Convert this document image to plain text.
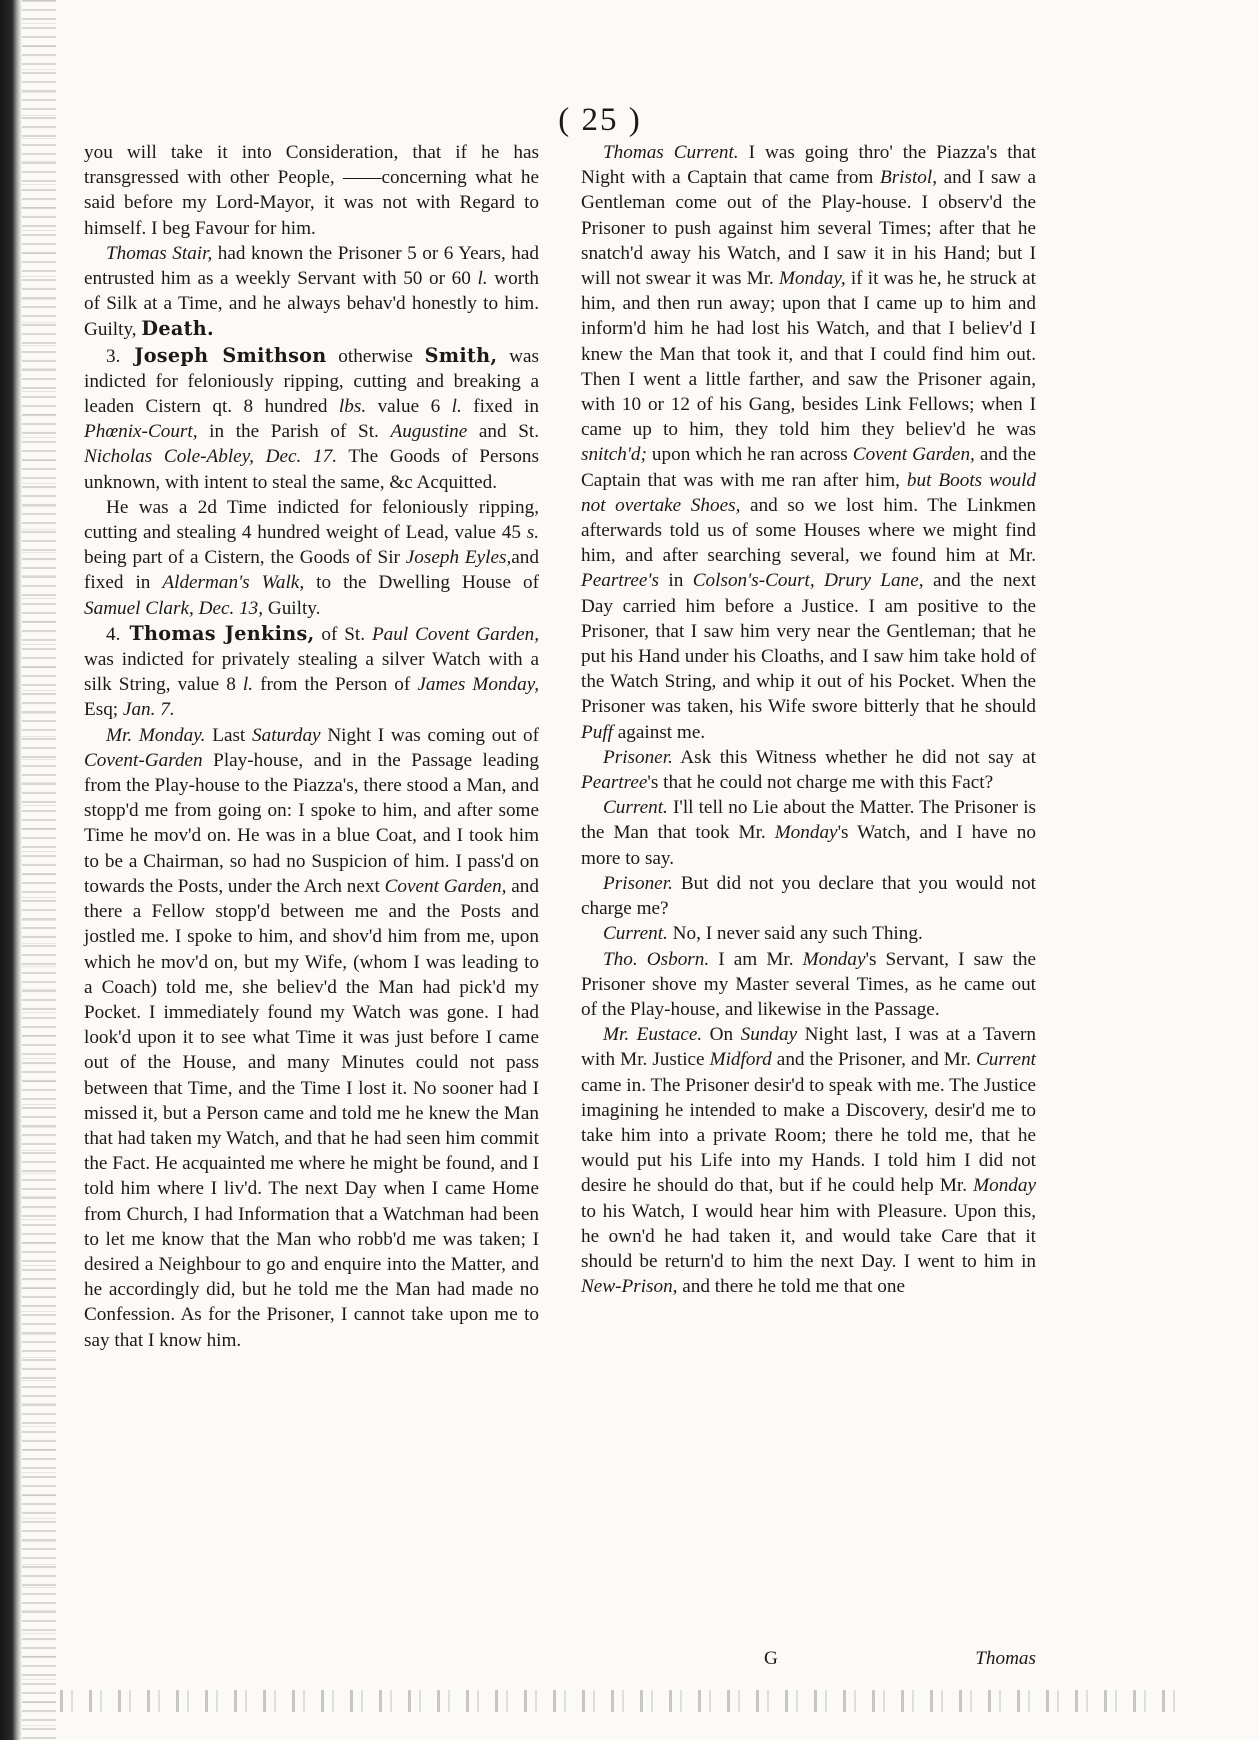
( 25 )

you will take it into Consideration, that if he has transgressed with other People, ——concerning what he said before my Lord-Mayor, it was not with Regard to himself. I beg Favour for him.

Thomas Stair, had known the Prisoner 5 or 6 Years, had entrusted him as a weekly Servant with 50 or 60 l. worth of Silk at a Time, and he always behav'd honestly to him. Guilty, Death.

3. Joseph Smithson otherwise Smith, was indicted for feloniously ripping, cutting and breaking a leaden Cistern qt. 8 hundred lbs. value 6 l. fixed in Phœnix-Court, in the Parish of St. Augustine and St. Nicholas Cole-Abley, Dec. 17. The Goods of Persons unknown, with intent to steal the same, &c Acquitted.

He was a 2d Time indicted for feloniously ripping, cutting and stealing 4 hundred weight of Lead, value 45 s. being part of a Cistern, the Goods of Sir Joseph Eyles,and fixed in Alderman's Walk, to the Dwelling House of Samuel Clark, Dec. 13, Guilty.

4. Thomas Jenkins, of St. Paul Covent Garden, was indicted for privately stealing a silver Watch with a silk String, value 8 l. from the Person of James Monday, Esq; Jan. 7.

Mr. Monday. Last Saturday Night I was coming out of Covent-Garden Play-house, and in the Passage leading from the Play-house to the Piazza's, there stood a Man, and stopp'd me from going on: I spoke to him, and after some Time he mov'd on. He was in a blue Coat, and I took him to be a Chairman, so had no Suspicion of him. I pass'd on towards the Posts, under the Arch next Covent Garden, and there a Fellow stopp'd between me and the Posts and jostled me. I spoke to him, and shov'd him from me, upon which he mov'd on, but my Wife, (whom I was leading to a Coach) told me, she believ'd the Man had pick'd my Pocket. I immediately found my Watch was gone. I had look'd upon it to see what Time it was just before I came out of the House, and many Minutes could not pass between that Time, and the Time I lost it. No sooner had I missed it, but a Person came and told me he knew the Man that had taken my Watch, and that he had seen him commit the Fact. He acquainted me where he might be found, and I told him where I liv'd. The next Day when I came Home from Church, I had Information that a Watchman had been to let me know that the Man who robb'd me was taken; I desired a Neighbour to go and enquire into the Matter, and he accordingly did, but he told me the Man had made no Confession. As for the Prisoner, I cannot take upon me to say that I know him.

Thomas Current. I was going thro' the Piazza's that Night with a Captain that came from Bristol, and I saw a Gentleman come out of the Play-house. I observ'd the Prisoner to push against him several Times; after that he snatch'd away his Watch, and I saw it in his Hand; but I will not swear it was Mr. Monday, if it was he, he struck at him, and then run away; upon that I came up to him and inform'd him he had lost his Watch, and that I believ'd I knew the Man that took it, and that I could find him out. Then I went a little farther, and saw the Prisoner again, with 10 or 12 of his Gang, besides Link Fellows; when I came up to him, they told him they believ'd he was snitch'd; upon which he ran across Covent Garden, and the Captain that was with me ran after him, but Boots would not overtake Shoes, and so we lost him. The Linkmen afterwards told us of some Houses where we might find him, and after searching several, we found him at Mr. Peartree's in Colson's-Court, Drury Lane, and the next Day carried him before a Justice. I am positive to the Prisoner, that I saw him very near the Gentleman; that he put his Hand under his Cloaths, and I saw him take hold of the Watch String, and whip it out of his Pocket. When the Prisoner was taken, his Wife swore bitterly that he should Puff against me.

Prisoner. Ask this Witness whether he did not say at Peartree's that he could not charge me with this Fact?

Current. I'll tell no Lie about the Matter. The Prisoner is the Man that took Mr. Monday's Watch, and I have no more to say.

Prisoner. But did not you declare that you would not charge me?

Current. No, I never said any such Thing.

Tho. Osborn. I am Mr. Monday's Servant, I saw the Prisoner shove my Master several Times, as he came out of the Play-house, and likewise in the Passage.

Mr. Eustace. On Sunday Night last, I was at a Tavern with Mr. Justice Midford and the Prisoner, and Mr. Current came in. The Prisoner desir'd to speak with me. The Justice imagining he intended to make a Discovery, desir'd me to take him into a private Room; there he told me, that he would put his Life into my Hands. I told him I did not desire he should do that, but if he could help Mr. Monday to his Watch, I would hear him with Pleasure. Upon this, he own'd he had taken it, and would take Care that it should be return'd to him the next Day. I went to him in New-Prison, and there he told me that one

G	Thomas
